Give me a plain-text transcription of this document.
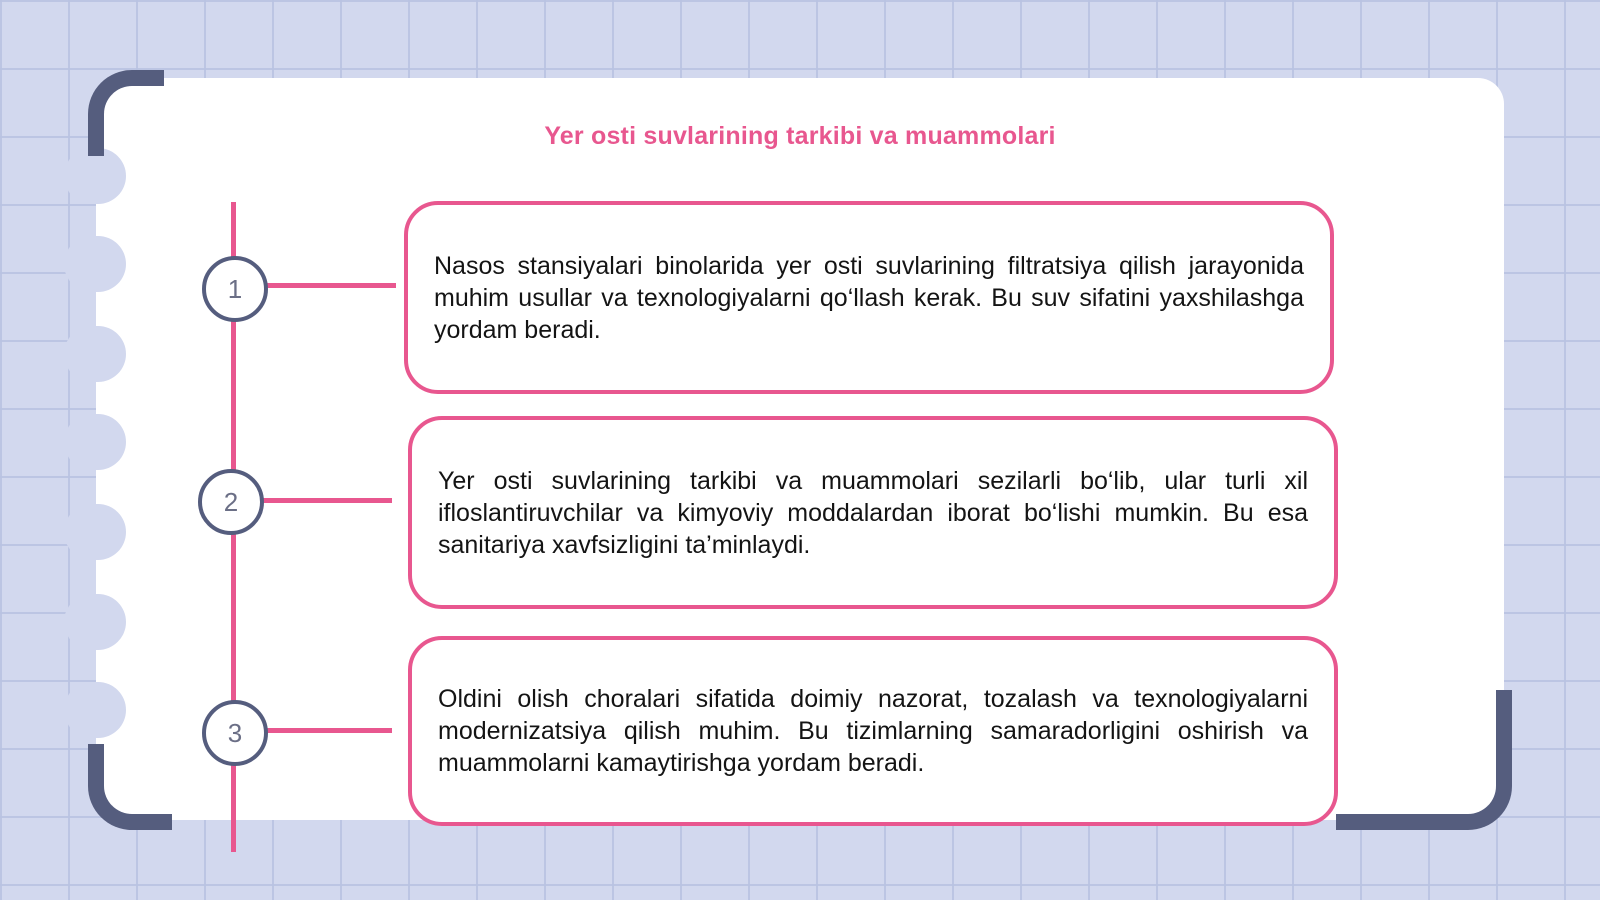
Yer osti suvlarining tarkibi va muammolari
1
2
3
Nasos stansiyalari binolarida yer osti suvlarining filtratsiya qilish jarayonida muhim usullar va texnologiyalarni qo‘llash kerak. Bu suv sifatini yaxshilashga yordam beradi.
Yer osti suvlarining tarkibi va muammolari sezilarli bo‘lib, ular turli xil ifloslantiruvchilar va kimyoviy moddalardan iborat bo‘lishi mumkin. Bu esa sanitariya xavfsizligini ta’minlaydi.
Oldini olish choralari sifatida doimiy nazorat, tozalash va texnologiyalarni modernizatsiya qilish muhim. Bu tizimlarning samaradorligini oshirish va muammolarni kamaytirishga yordam beradi.
